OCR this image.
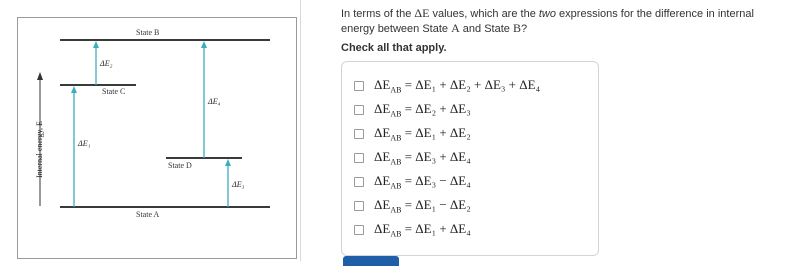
Internal energy, E
State B
State C
State D
State A
ΔE₁
ΔE₂
ΔE₄
ΔE₃
In terms of the ΔE values, which are the two expressions for the difference in internal energy between State A and State B?
Check all that apply.
$\Delta E_{AB} = \Delta E_1 + \Delta E_2 + \Delta E_3 + \Delta E_4$
$\Delta E_{AB} = \Delta E_2 + \Delta E_3$
$\Delta E_{AB} = \Delta E_1 + \Delta E_2$
$\Delta E_{AB} = \Delta E_3 + \Delta E_4$
$\Delta E_{AB} = \Delta E_3 - \Delta E_4$
$\Delta E_{AB} = \Delta E_1 - \Delta E_2$
$\Delta E_{AB} = \Delta E_1 + \Delta E_4$
